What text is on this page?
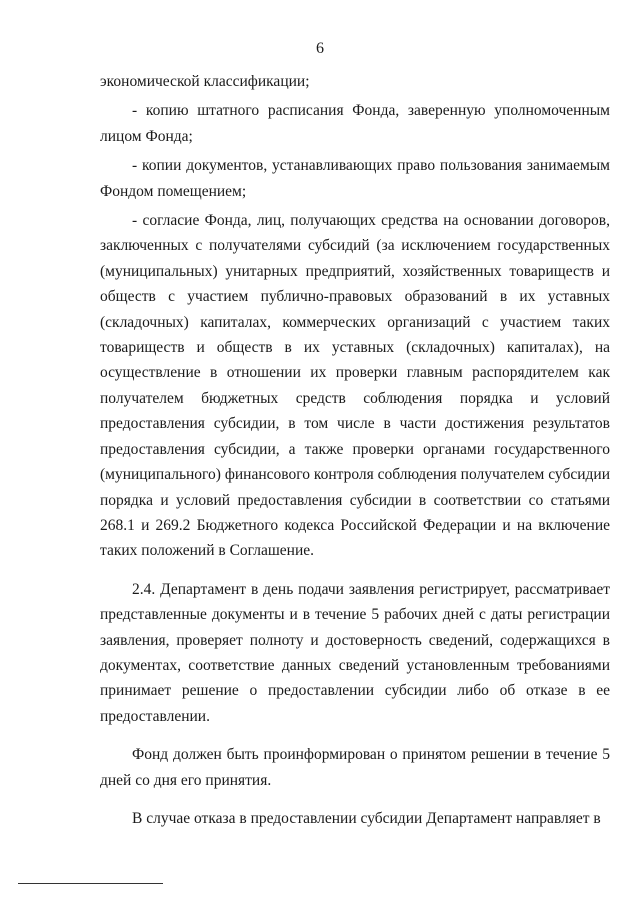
6

экономической классификации;

- копию штатного расписания Фонда, заверенную уполномоченным лицом Фонда;

- копии документов, устанавливающих право пользования занимаемым Фондом помещением;

- согласие Фонда, лиц, получающих средства на основании договоров, заключенных с получателями субсидий (за исключением государственных (муниципальных) унитарных предприятий, хозяйственных товариществ и обществ с участием публично-правовых образований в их уставных (складочных) капиталах, коммерческих организаций с участием таких товариществ и обществ в их уставных (складочных) капиталах), на осуществление в отношении их проверки главным распорядителем как получателем бюджетных средств соблюдения порядка и условий предоставления субсидии, в том числе в части достижения результатов предоставления субсидии, а также проверки органами государственного (муниципального) финансового контроля соблюдения получателем субсидии порядка и условий предоставления субсидии в соответствии со статьями 268.1 и 269.2 Бюджетного кодекса Российской Федерации и на включение таких положений в Соглашение.

2.4. Департамент в день подачи заявления регистрирует, рассматривает представленные документы и в течение 5 рабочих дней с даты регистрации заявления, проверяет полноту и достоверность сведений, содержащихся в документах, соответствие данных сведений установленным требованиями принимает решение о предоставлении субсидии либо об отказе в ее предоставлении.

Фонд должен быть проинформирован о принятом решении в течение 5 дней со дня его принятия.

В случае отказа в предоставлении субсидии Департамент направляет в
